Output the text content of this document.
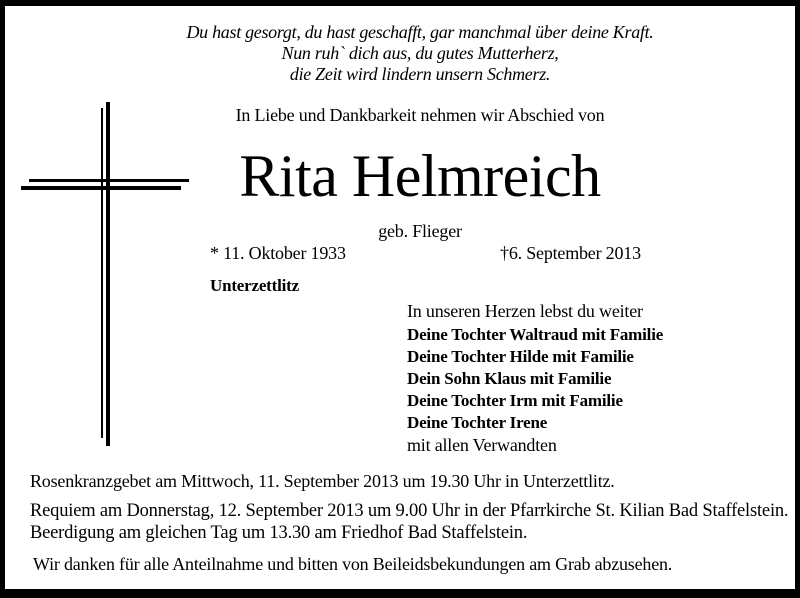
Du hast gesorgt, du hast geschafft, gar manchmal über deine Kraft.
Nun ruh` dich aus, du gutes Mutterherz,
die Zeit wird lindern unsern Schmerz.
In Liebe und Dankbarkeit nehmen wir Abschied von
Rita Helmreich
geb. Flieger
* 11. Oktober 1933	†6. September 2013
Unterzettlitz
In unseren Herzen lebst du weiter
Deine Tochter Waltraud mit Familie
Deine Tochter Hilde mit Familie
Dein Sohn Klaus mit Familie
Deine Tochter Irm mit Familie
Deine Tochter Irene
mit allen Verwandten
Rosenkranzgebet am Mittwoch, 11. September 2013 um 19.30 Uhr in Unterzettlitz.
Requiem am Donnerstag, 12. September 2013 um 9.00 Uhr in der Pfarrkirche St. Kilian Bad Staffelstein.
Beerdigung am gleichen Tag um 13.30 am Friedhof Bad Staffelstein.
Wir danken für alle Anteilnahme und bitten von Beileidsbekundungen am Grab abzusehen.
